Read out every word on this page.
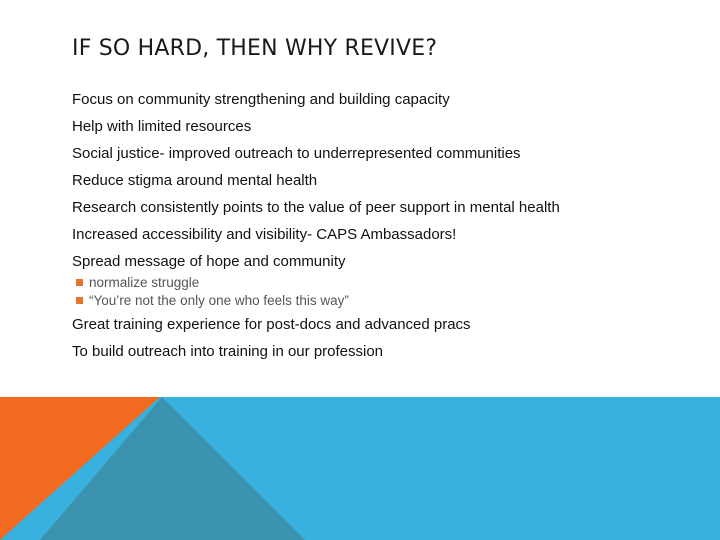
IF SO HARD, THEN WHY REVIVE?
Focus on community strengthening and building capacity
Help with limited resources
Social justice- improved outreach to underrepresented communities
Reduce stigma around mental health
Research consistently points to the value of peer support in mental health
Increased accessibility and visibility- CAPS Ambassadors!
Spread message of hope and community
normalize struggle
“You’re not the only one who feels this way”
Great training experience for post-docs and advanced pracs
To build outreach into training in our profession
